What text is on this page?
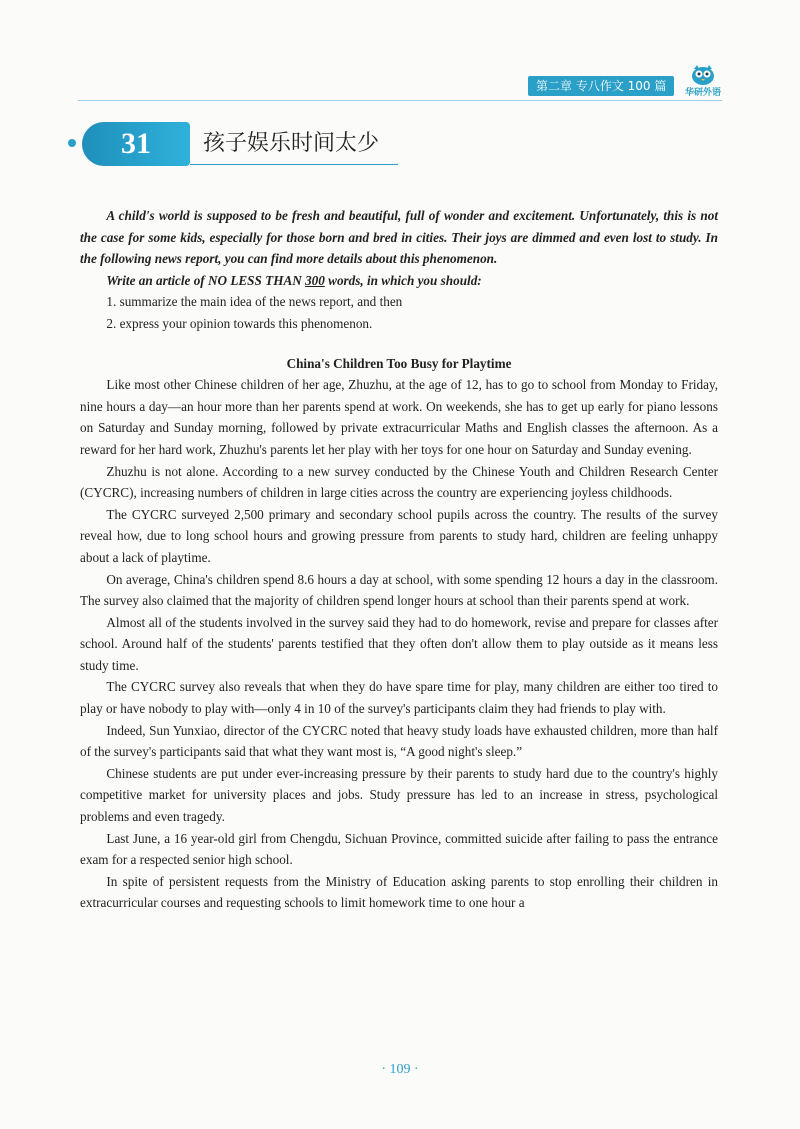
第二章 专八作文 100 篇	华研外语
31	孩子娱乐时间太少

A child's world is supposed to be fresh and beautiful, full of wonder and excitement. Unfortunately, this is not the case for some kids, especially for those born and bred in cities. Their joys are dimmed and even lost to study. In the following news report, you can find more details about this phenomenon.

Write an article of NO LESS THAN 300 words, in which you should:

1. summarize the main idea of the news report, and then

2. express your opinion towards this phenomenon.

China's Children Too Busy for Playtime

Like most other Chinese children of her age, Zhuzhu, at the age of 12, has to go to school from Monday to Friday, nine hours a day—an hour more than her parents spend at work. On weekends, she has to get up early for piano lessons on Saturday and Sunday morning, followed by private extracurricular Maths and English classes the afternoon. As a reward for her hard work, Zhuzhu's parents let her play with her toys for one hour on Saturday and Sunday evening.

Zhuzhu is not alone. According to a new survey conducted by the Chinese Youth and Children Research Center (CYCRC), increasing numbers of children in large cities across the country are experiencing joyless childhoods.

The CYCRC surveyed 2,500 primary and secondary school pupils across the country. The results of the survey reveal how, due to long school hours and growing pressure from parents to study hard, children are feeling unhappy about a lack of playtime.

On average, China's children spend 8.6 hours a day at school, with some spending 12 hours a day in the classroom. The survey also claimed that the majority of children spend longer hours at school than their parents spend at work.

Almost all of the students involved in the survey said they had to do homework, revise and prepare for classes after school. Around half of the students' parents testified that they often don't allow them to play outside as it means less study time.

The CYCRC survey also reveals that when they do have spare time for play, many children are either too tired to play or have nobody to play with—only 4 in 10 of the survey's participants claim they had friends to play with.

Indeed, Sun Yunxiao, director of the CYCRC noted that heavy study loads have exhausted children, more than half of the survey's participants said that what they want most is, “A good night's sleep.”

Chinese students are put under ever-increasing pressure by their parents to study hard due to the country's highly competitive market for university places and jobs. Study pressure has led to an increase in stress, psychological problems and even tragedy.

Last June, a 16 year-old girl from Chengdu, Sichuan Province, committed suicide after failing to pass the entrance exam for a respected senior high school.

In spite of persistent requests from the Ministry of Education asking parents to stop enrolling their children in extracurricular courses and requesting schools to limit homework time to one hour a

· 109 ·
